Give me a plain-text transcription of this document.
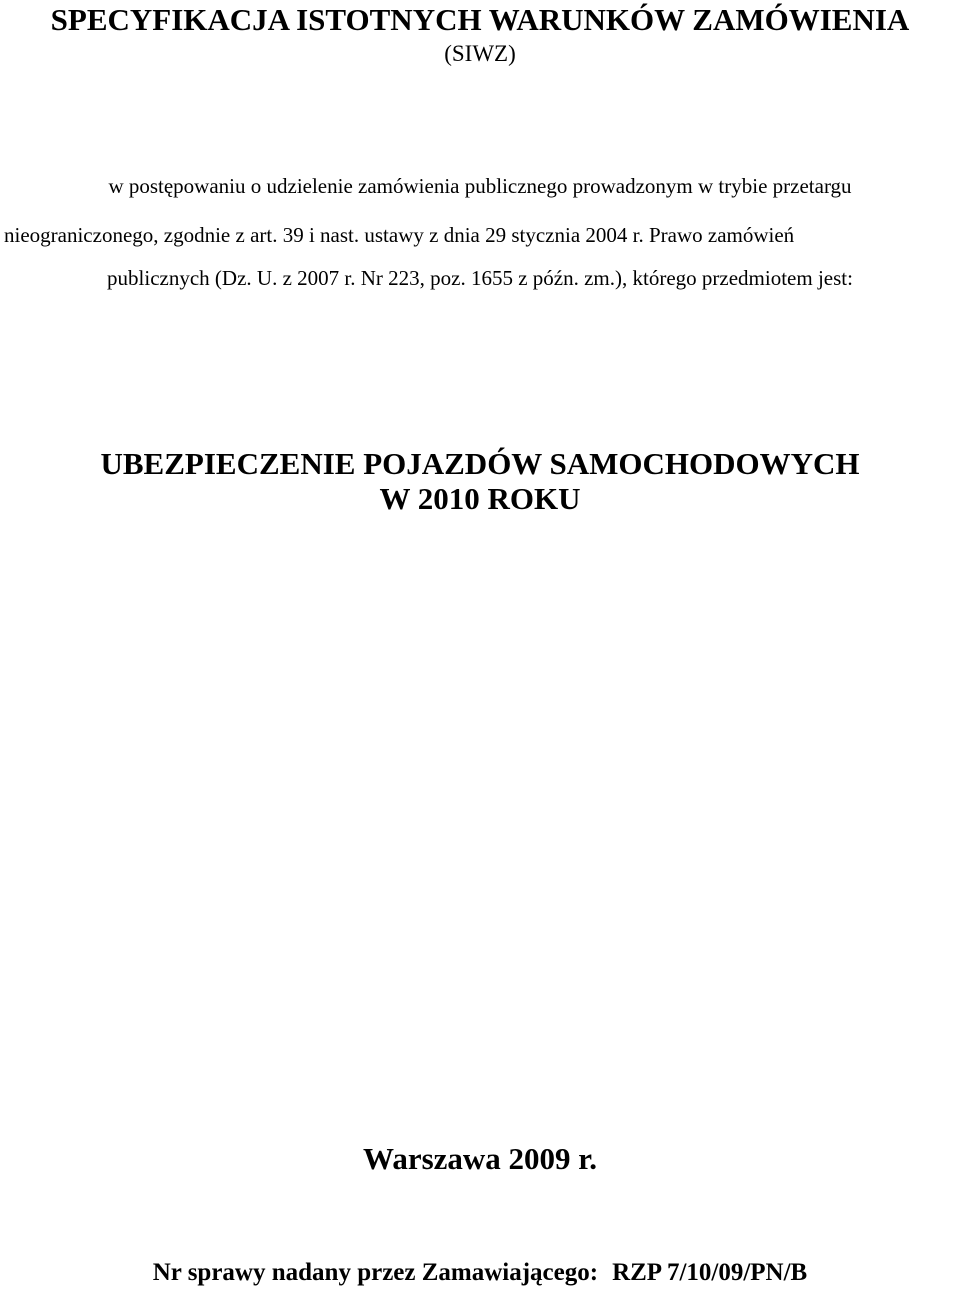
SPECYFIKACJA ISTOTNYCH WARUNKÓW ZAMÓWIENIA
(SIWZ)
w postępowaniu o udzielenie zamówienia publicznego prowadzonym w trybie przetargu
nieograniczonego, zgodnie z art. 39 i nast. ustawy z dnia 29 stycznia 2004 r. Prawo zamówień
publicznych (Dz. U. z 2007 r. Nr 223, poz. 1655 z późn. zm.), którego przedmiotem jest:
UBEZPIECZENIE POJAZDÓW SAMOCHODOWYCH
W 2010 ROKU
Warszawa 2009 r.
Nr sprawy nadany przez Zamawiającego: RZP 7/10/09/PN/B
